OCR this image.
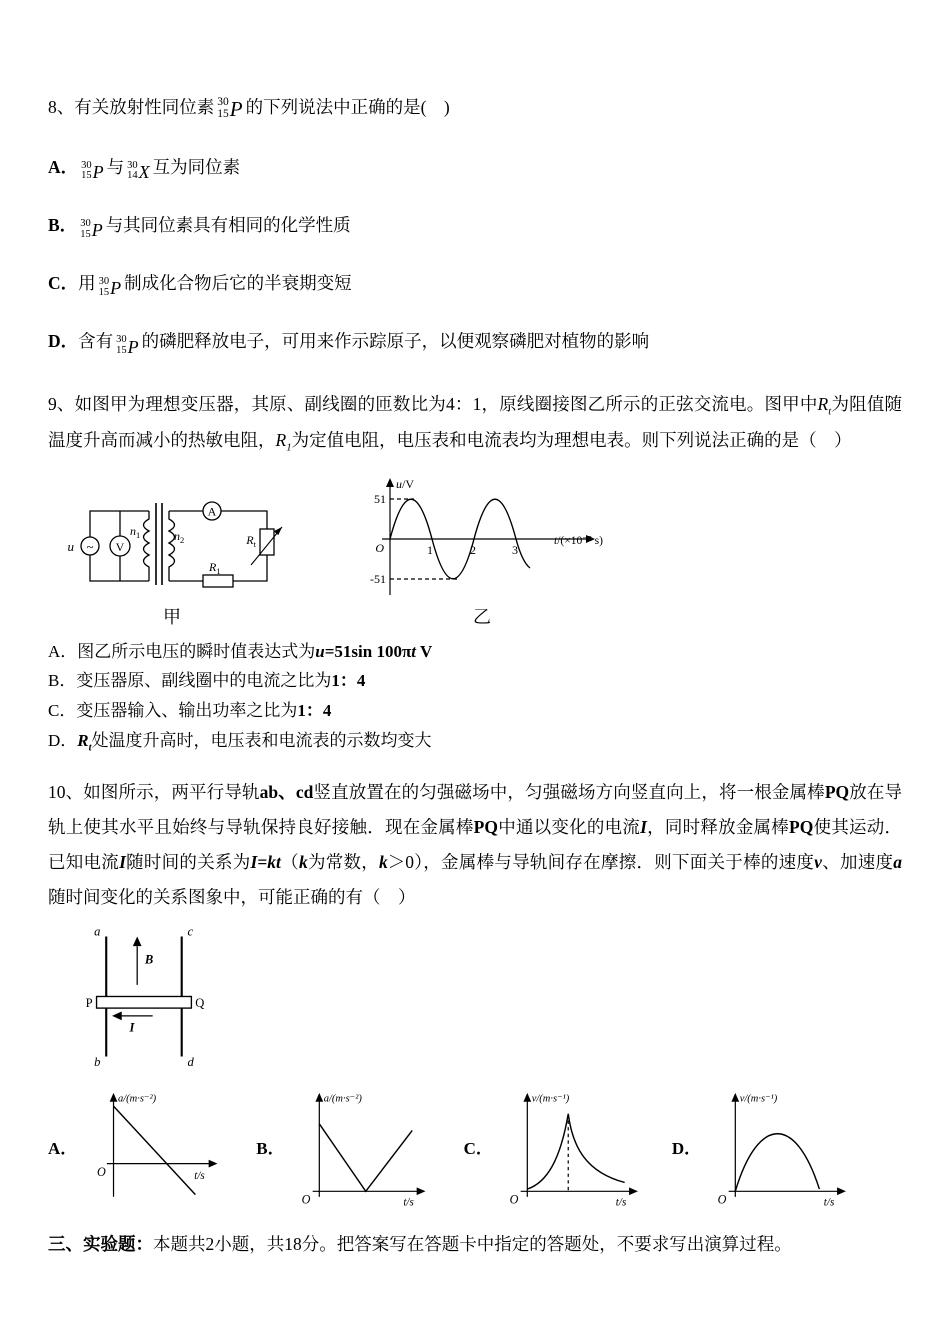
8、有关放射性同位素 30
15 P 的下列说法中正确的是(　)

A． 30
15 P 与 30
14 X 互为同位素

B． 30
15 P 与其同位素具有相同的化学性质

C．用 30
15 P 制成化合物后它的半衰期变短

D．含有 30
15 P 的磷肥释放电子，可用来作示踪原子，以便观察磷肥对植物的影响

9、如图甲为理想变压器，其原、副线圈的匝数比为4：1，原线圈接图乙所示的正弦交流电。图甲中$R_t$为阻值随温度升高而减小的热敏电阻，$R_1$为定值电阻，电压表和电流表均为理想电表。则下列说法正确的是（　）

u ~ V
$n_1$	$n_2$
A
$R_1$
$R_t$
甲
u/V
51
-51
O	1	2	3
t/(×10⁻² s)
乙

A．图乙所示电压的瞬时值表达式为u=51sin 100πt V

B．变压器原、副线圈中的电流之比为1：4

C．变压器输入、输出功率之比为1：4

D．$R_t$处温度升高时，电压表和电流表的示数均变大

10、如图所示，两平行导轨ab、cd竖直放置在的匀强磁场中，匀强磁场方向竖直向上，将一根金属棒PQ放在导轨上使其水平且始终与导轨保持良好接触．现在金属棒PQ中通以变化的电流I，同时释放金属棒PQ使其运动．已知电流I随时间的关系为I=kt（k为常数，k＞0），金属棒与导轨间存在摩擦．则下面关于棒的速度v、加速度a随时间变化的关系图象中，可能正确的有（　）

a	c
b	d
P	Q
B
I
A．
a/(m·s⁻²)
t/s
O
B．
a/(m·s⁻²)
t/s
O
C．
v/(m·s⁻¹)
t/s
O
D．
v/(m·s⁻¹)
t/s
O

三、实验题：本题共2小题，共18分。把答案写在答题卡中指定的答题处，不要求写出演算过程。
